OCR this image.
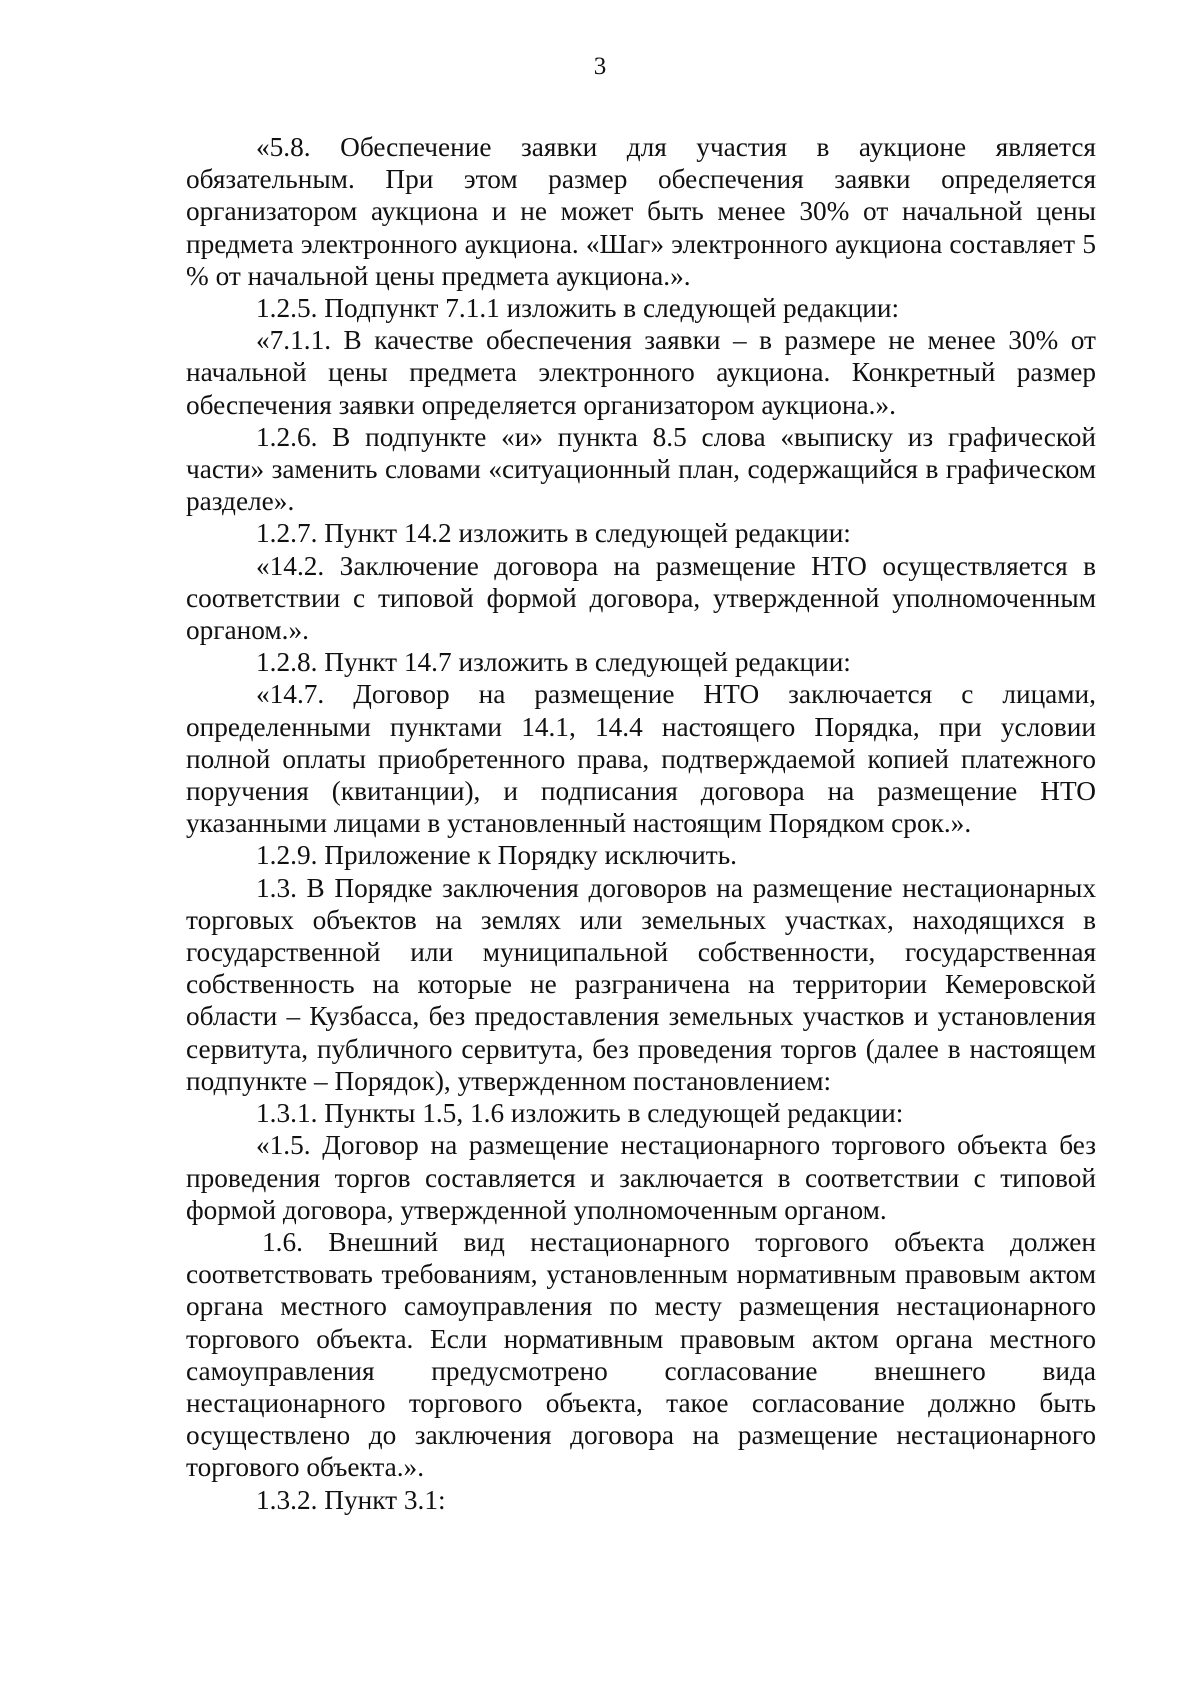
3

«5.8. Обеспечение заявки для участия в аукционе является обязательным. При этом размер обеспечения заявки определяется организатором аукциона и не может быть менее 30% от начальной цены предмета электронного аукциона. «Шаг» электронного аукциона составляет 5 % от начальной цены предмета аукциона.».

1.2.5. Подпункт 7.1.1 изложить в следующей редакции:

«7.1.1. В качестве обеспечения заявки – в размере не менее 30% от начальной цены предмета электронного аукциона. Конкретный размер обеспечения заявки определяется организатором аукциона.».

1.2.6. В подпункте «и» пункта 8.5 слова «выписку из графической части» заменить словами «ситуационный план, содержащийся в графическом разделе».

1.2.7. Пункт 14.2 изложить в следующей редакции:

«14.2. Заключение договора на размещение НТО осуществляется в соответствии с типовой формой договора, утвержденной уполномоченным органом.».

1.2.8. Пункт 14.7 изложить в следующей редакции:

«14.7. Договор на размещение НТО заключается с лицами, определенными пунктами 14.1, 14.4 настоящего Порядка, при условии полной оплаты приобретенного права, подтверждаемой копией платежного поручения (квитанции), и подписания договора на размещение НТО указанными лицами в установленный настоящим Порядком срок.».

1.2.9. Приложение к Порядку исключить.

1.3. В Порядке заключения договоров на размещение нестационарных торговых объектов на землях или земельных участках, находящихся в государственной или муниципальной собственности, государственная собственность на которые не разграничена на территории Кемеровской области – Кузбасса, без предоставления земельных участков и установления сервитута, публичного сервитута, без проведения торгов (далее в настоящем подпункте – Порядок), утвержденном постановлением:

1.3.1. Пункты 1.5, 1.6 изложить в следующей редакции:

«1.5. Договор на размещение нестационарного торгового объекта без проведения торгов составляется и заключается в соответствии с типовой формой договора, утвержденной уполномоченным органом.

1.6. Внешний вид нестационарного торгового объекта должен соответствовать требованиям, установленным нормативным правовым актом органа местного самоуправления по месту размещения нестационарного торгового объекта. Если нормативным правовым актом органа местного самоуправления предусмотрено согласование внешнего вида нестационарного торгового объекта, такое согласование должно быть осуществлено до заключения договора на размещение нестационарного торгового объекта.».

1.3.2. Пункт 3.1:
